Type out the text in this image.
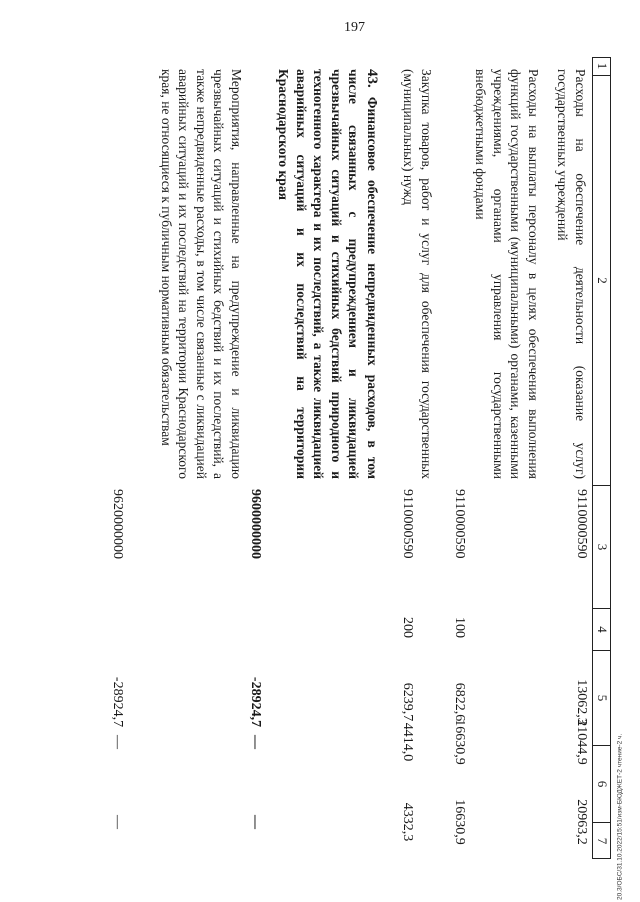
197
20.3/ОБС/31.10.2022/15:51/изм-БЮДЖЕТ-2 чтение-2 ч.
1
2
3
4
5
6
7
Расходы на обеспечение деятельности (оказание услуг) государственных учреждений
9110000590
13062,3
Расходы на выплаты персоналу в целях обеспечения выполнения функций государственными (муниципальными) органами, казенными учреждениями, органами управления государственными внебюджетными фондами
9110000590
100
6822,6
Закупка товаров, работ и услуг для обеспечения государственных (муниципальных) нужд
9110000590
200
6239,7
43. Финансовое обеспечение непредвиденных расходов, в том числе связанных с предупреждением и ликвидацией чрезвычайных ситуаций и стихийных бедствий природного и техногенного характера и их последствий, а также ликвидацией аварийных ситуаций и их последствий на территории Краснодарского края
9600000000
-28924,7
Мероприятия, направленные на предупреждение и ликвидацию чрезвычайных ситуаций и стихийных бедствий и их последствий, а также непредвиденные расходы, в том числе связанные с ликвидацией аварийных ситуаций и их последствий на территории Краснодарского края, не относящиеся к публичным нормативным обязательствам
9620000000
-28924,7
21044,9
20963,2
16630,9
16630,9
4414,0
4332,3
—
—
—
—
